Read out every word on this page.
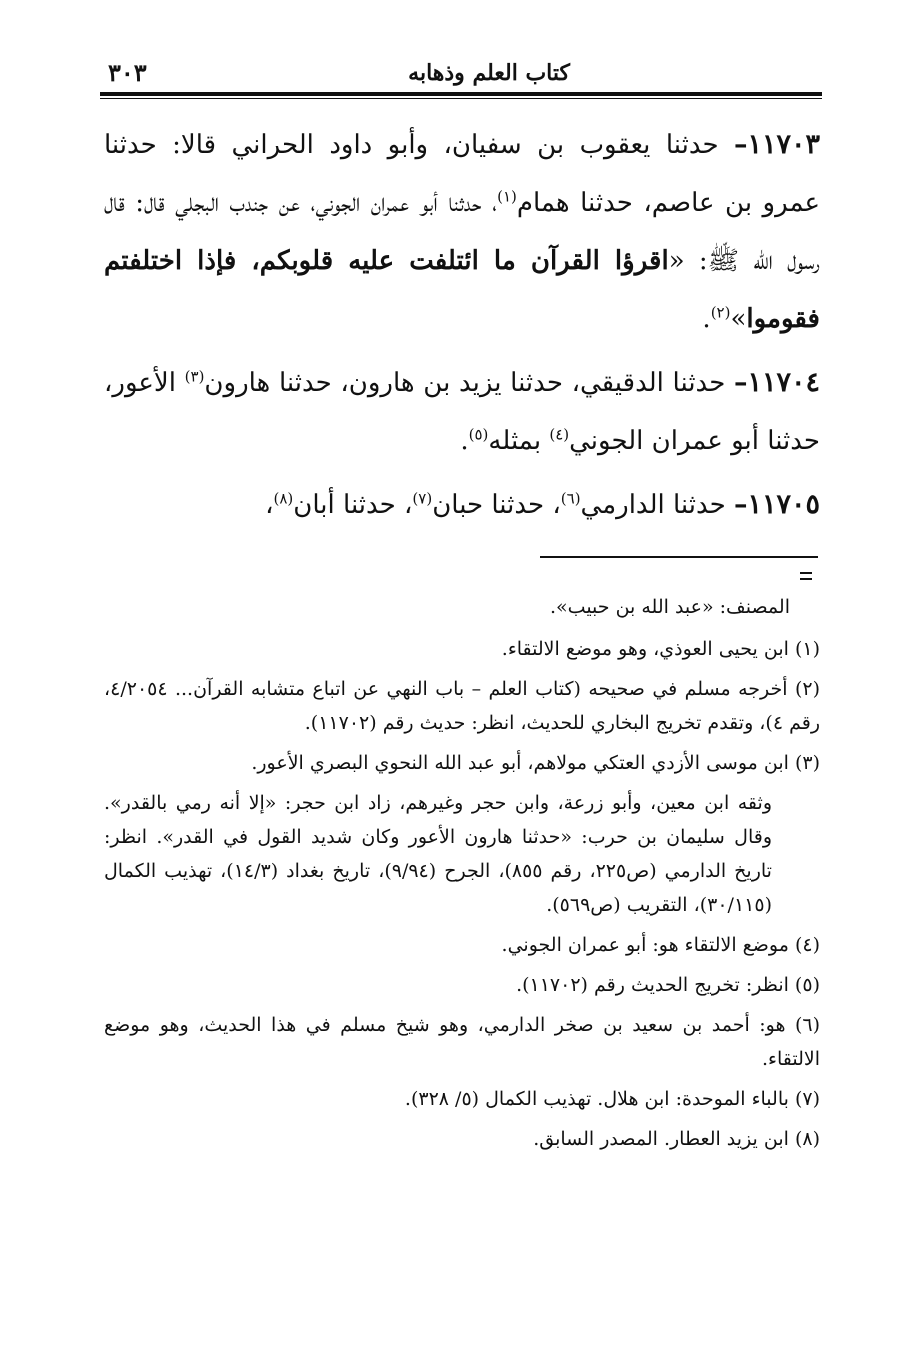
كتاب العلم وذهابه
٣٠٣

١١٧٠٣– حدثنا يعقوب بن سفيان، وأبو داود الحراني قالا: حدثنا عمرو بن عاصم، حدثنا همام$^{(١)}$، حدثنا أبو عمران الجوني، عن جندب البجلي قال: قال رسول الله ﷺ: «اقرؤا القرآن ما ائتلفت عليه قلوبكم، فإذا اختلفتم فقوموا»$^{(٢)}$.

١١٧٠٤– حدثنا الدقيقي، حدثنا يزيد بن هارون، حدثنا هارون$^{(٣)}$ الأعور، حدثنا أبو عمران الجوني$^{(٤)}$ بمثله$^{(٥)}$.

١١٧٠٥– حدثنا الدارمي$^{(٦)}$، حدثنا حبان$^{(٧)}$، حدثنا أبان$^{(٨)}$،

المصنف: «عبد الله بن حبيب».
(١) ابن يحيى العوذي، وهو موضع الالتقاء.
(٢) أخرجه مسلم في صحيحه (كتاب العلم – باب النهي عن اتباع متشابه القرآن... ٤/٢٠٥٤، رقم ٤)، وتقدم تخريج البخاري للحديث، انظر: حديث رقم (١١٧٠٢).
(٣) ابن موسى الأزدي العتكي مولاهم، أبو عبد الله النحوي البصري الأعور.
وثقه ابن معين، وأبو زرعة، وابن حجر وغيرهم، زاد ابن حجر: «إلا أنه رمي بالقدر». وقال سليمان بن حرب: «حدثنا هارون الأعور وكان شديد القول في القدر». انظر: تاريخ الدارمي (ص٢٢٥، رقم ٨٥٥)، الجرح (٩/٩٤)، تاريخ بغداد (١٤/٣)، تهذيب الكمال (٣٠/١١٥)، التقريب (ص٥٦٩).
(٤) موضع الالتقاء هو: أبو عمران الجوني.
(٥) انظر: تخريج الحديث رقم (١١٧٠٢).
(٦) هو: أحمد بن سعيد بن صخر الدارمي، وهو شيخ مسلم في هذا الحديث، وهو موضع الالتقاء.
(٧) بالباء الموحدة: ابن هلال. تهذيب الكمال (٥/ ٣٢٨).
(٨) ابن يزيد العطار. المصدر السابق.
